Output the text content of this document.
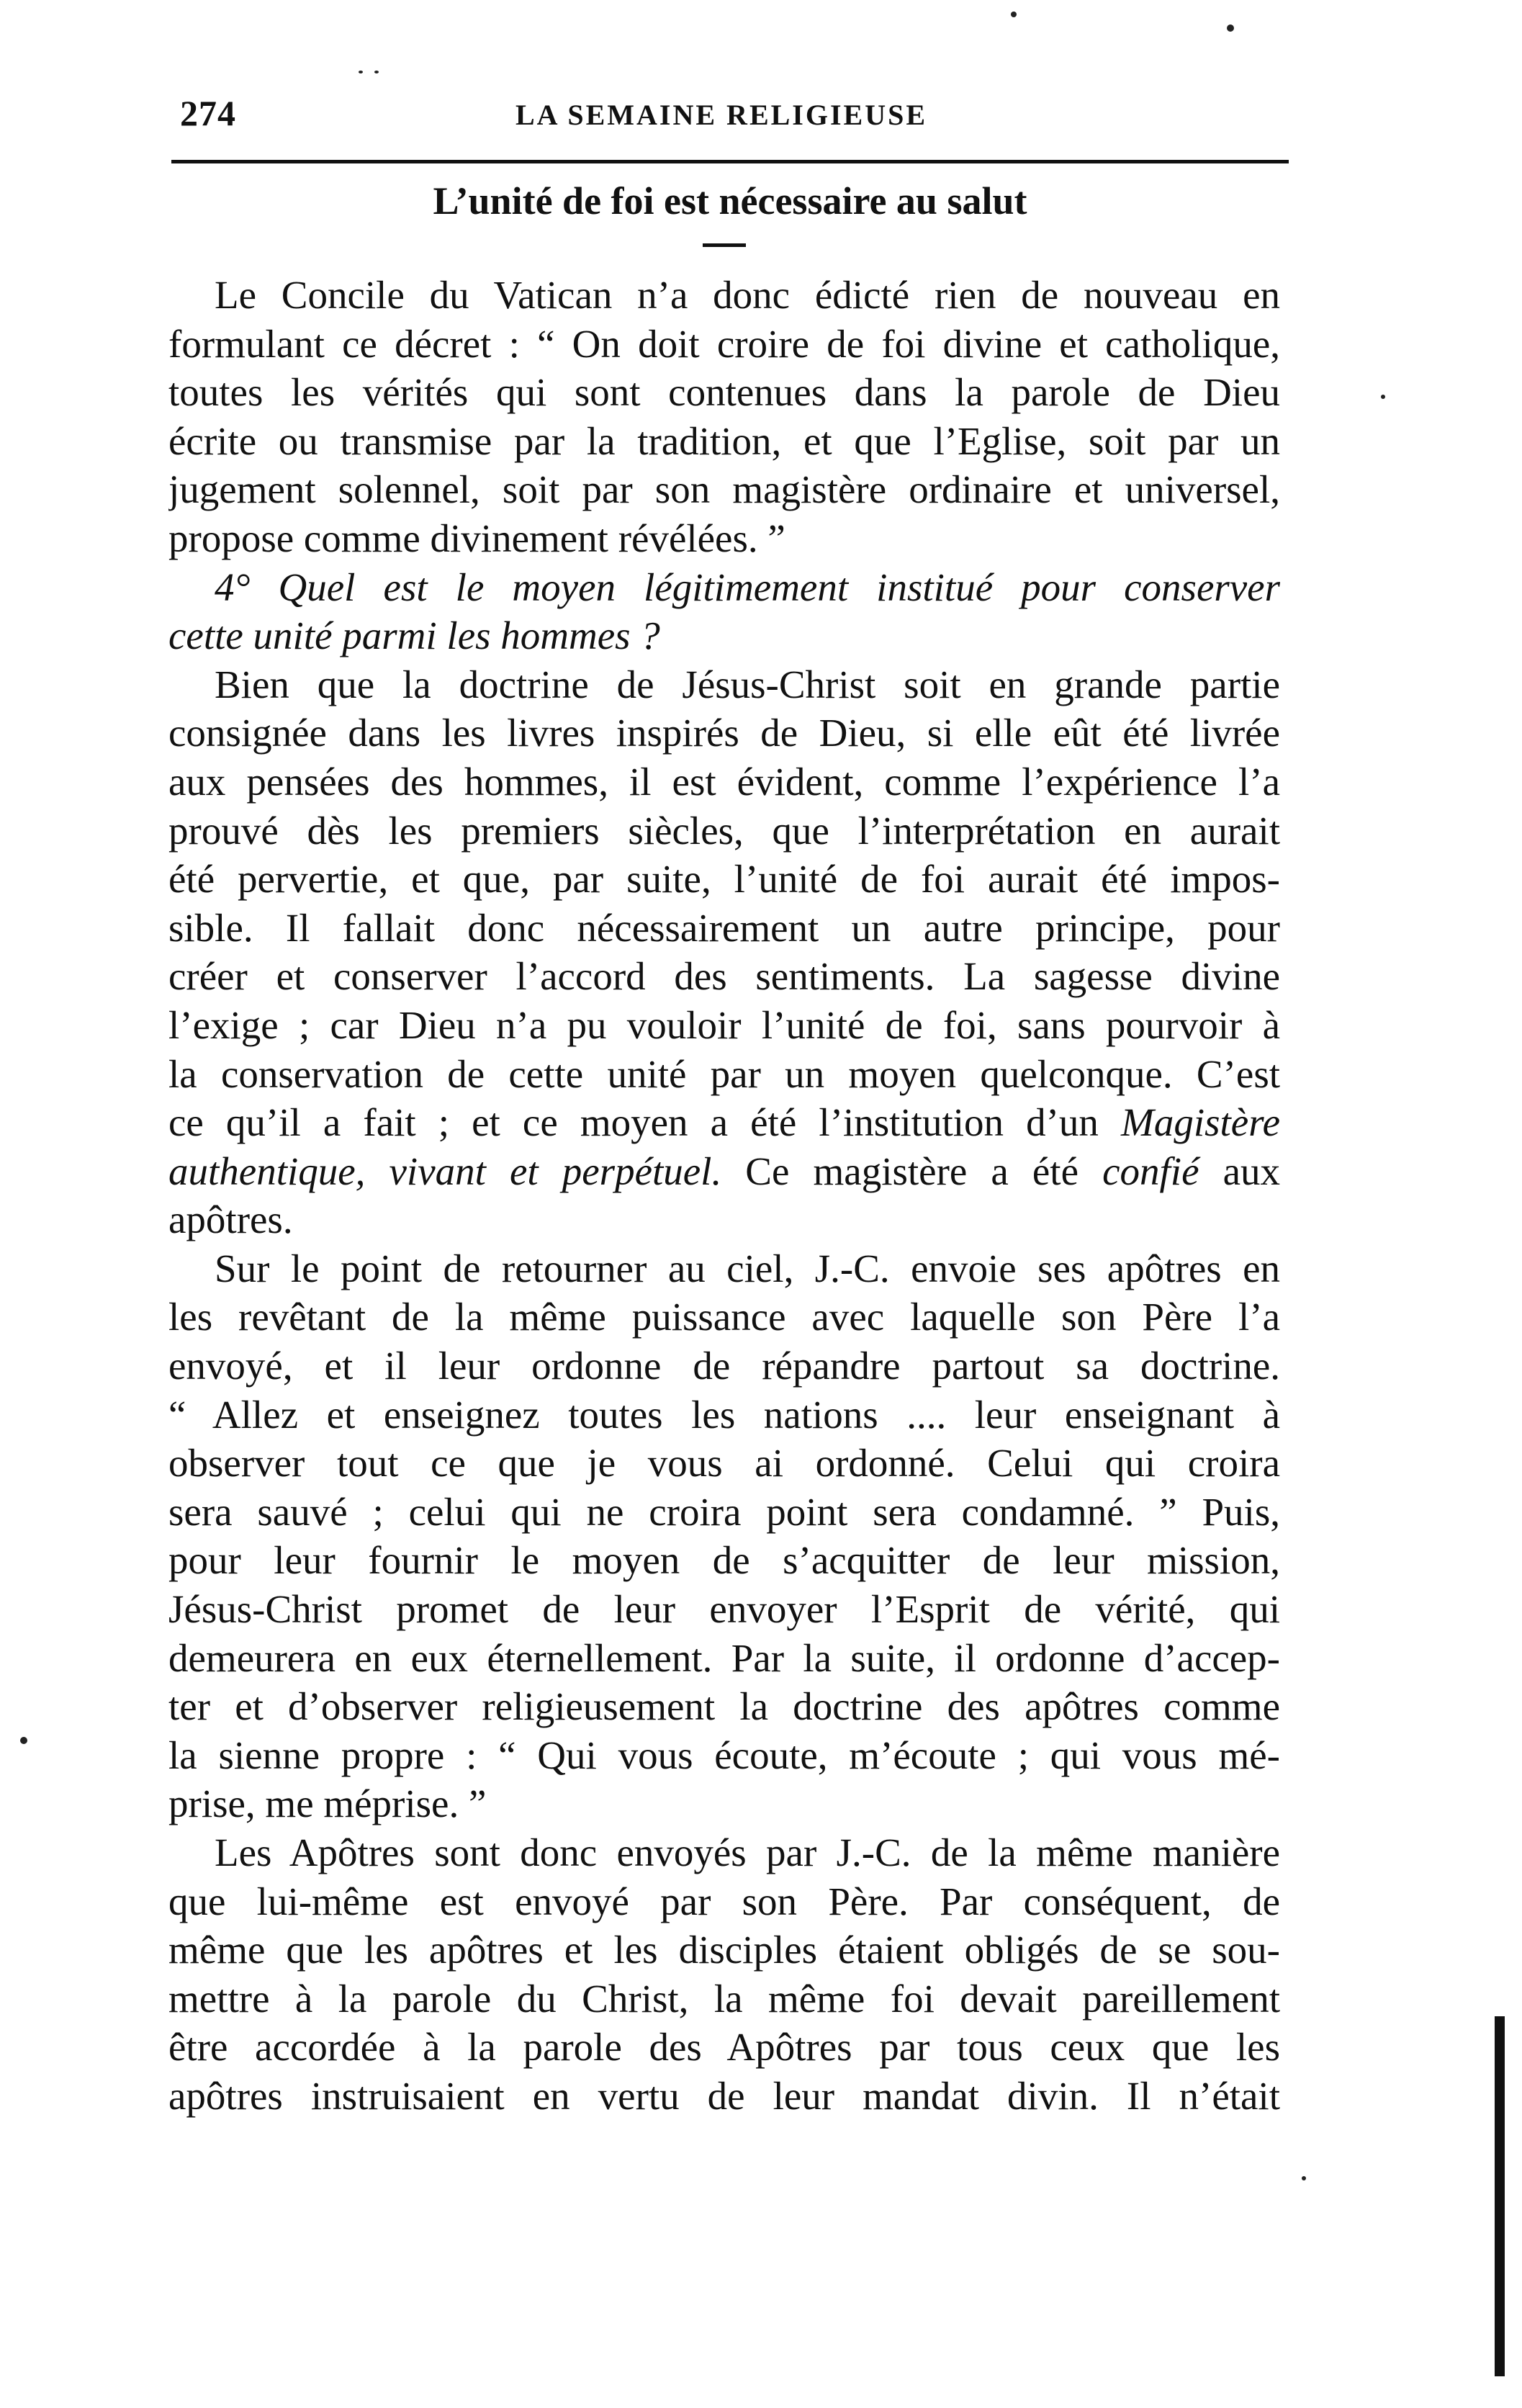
274	LA SEMAINE RELIGIEUSE
L’unité de foi est nécessaire au salut
Le Concile du Vatican n’a donc édicté rien de nouveau en
formulant ce décret : “ On doit croire de foi divine et catholique,
toutes les vérités qui sont contenues dans la parole de Dieu
écrite ou transmise par la tradition, et que l’Eglise, soit par un
jugement solennel, soit par son magistère ordinaire et universel,
propose comme divinement révélées. ”
4° Quel est le moyen légitimement institué pour conserver
cette unité parmi les hommes ?
Bien que la doctrine de Jésus-Christ soit en grande partie
consignée dans les livres inspirés de Dieu, si elle eût été livrée
aux pensées des hommes, il est évident, comme l’expérience l’a
prouvé dès les premiers siècles, que l’interprétation en aurait
été pervertie, et que, par suite, l’unité de foi aurait été impos-
sible. Il fallait donc nécessairement un autre principe, pour
créer et conserver l’accord des sentiments. La sagesse divine
l’exige ; car Dieu n’a pu vouloir l’unité de foi, sans pourvoir à
la conservation de cette unité par un moyen quelconque. C’est
ce qu’il a fait ; et ce moyen a été l’institution d’un Magistère
authentique, vivant et perpétuel. Ce magistère a été confié aux
apôtres.
Sur le point de retourner au ciel, J.-C. envoie ses apôtres en
les revêtant de la même puissance avec laquelle son Père l’a
envoyé, et il leur ordonne de répandre partout sa doctrine.
“ Allez et enseignez toutes les nations .... leur enseignant à
observer tout ce que je vous ai ordonné. Celui qui croira
sera sauvé ; celui qui ne croira point sera condamné. ” Puis,
pour leur fournir le moyen de s’acquitter de leur mission,
Jésus-Christ promet de leur envoyer l’Esprit de vérité, qui
demeurera en eux éternellement. Par la suite, il ordonne d’accep-
ter et d’observer religieusement la doctrine des apôtres comme
la sienne propre : “ Qui vous écoute, m’écoute ; qui vous mé-
prise, me méprise. ”
Les Apôtres sont donc envoyés par J.-C. de la même manière
que lui-même est envoyé par son Père. Par conséquent, de
même que les apôtres et les disciples étaient obligés de se sou-
mettre à la parole du Christ, la même foi devait pareillement
être accordée à la parole des Apôtres par tous ceux que les
apôtres instruisaient en vertu de leur mandat divin. Il n’était
